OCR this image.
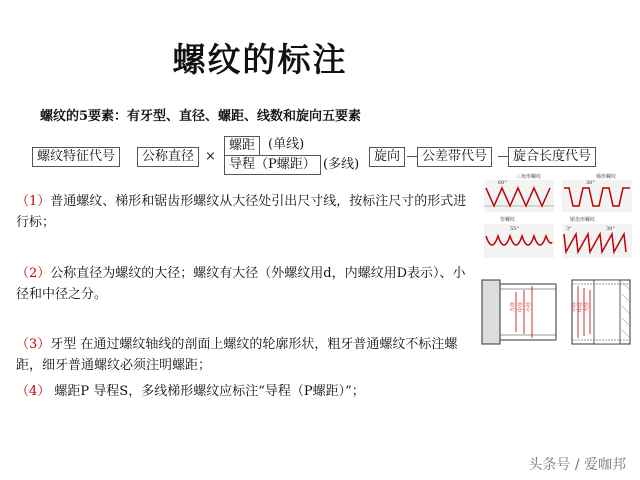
螺纹的标注
螺纹的5要素：有牙型、直径、螺距、线数和旋向五要素
螺纹特征代号	公称直径 ×
螺距 (单线)
导程（P螺距） (多线)
旋向	公差带代号	旋合长度代号
（1）普通螺纹、梯形和锯齿形螺纹从大径处引出尺寸线，按标注尺寸的形式进行标；
（2）公称直径为螺纹的大径；螺纹有大径（外螺纹用d，内螺纹用D表示）、小径和中径之分。
（3）牙型 在通过螺纹轴线的剖面上螺纹的轮廓形状，粗牙普通螺纹不标注螺距，细牙普通螺纹必须注明螺距；
（4） 螺距P 导程S，多线梯形螺纹应标注“导程（P螺距）”；
三角形螺纹
60°
梯形螺纹
30°
管螺纹
55°
锯齿形螺纹
3°	30°
大径 中径 小径	小径 中径 大径
头条号 / 爱咖邦
